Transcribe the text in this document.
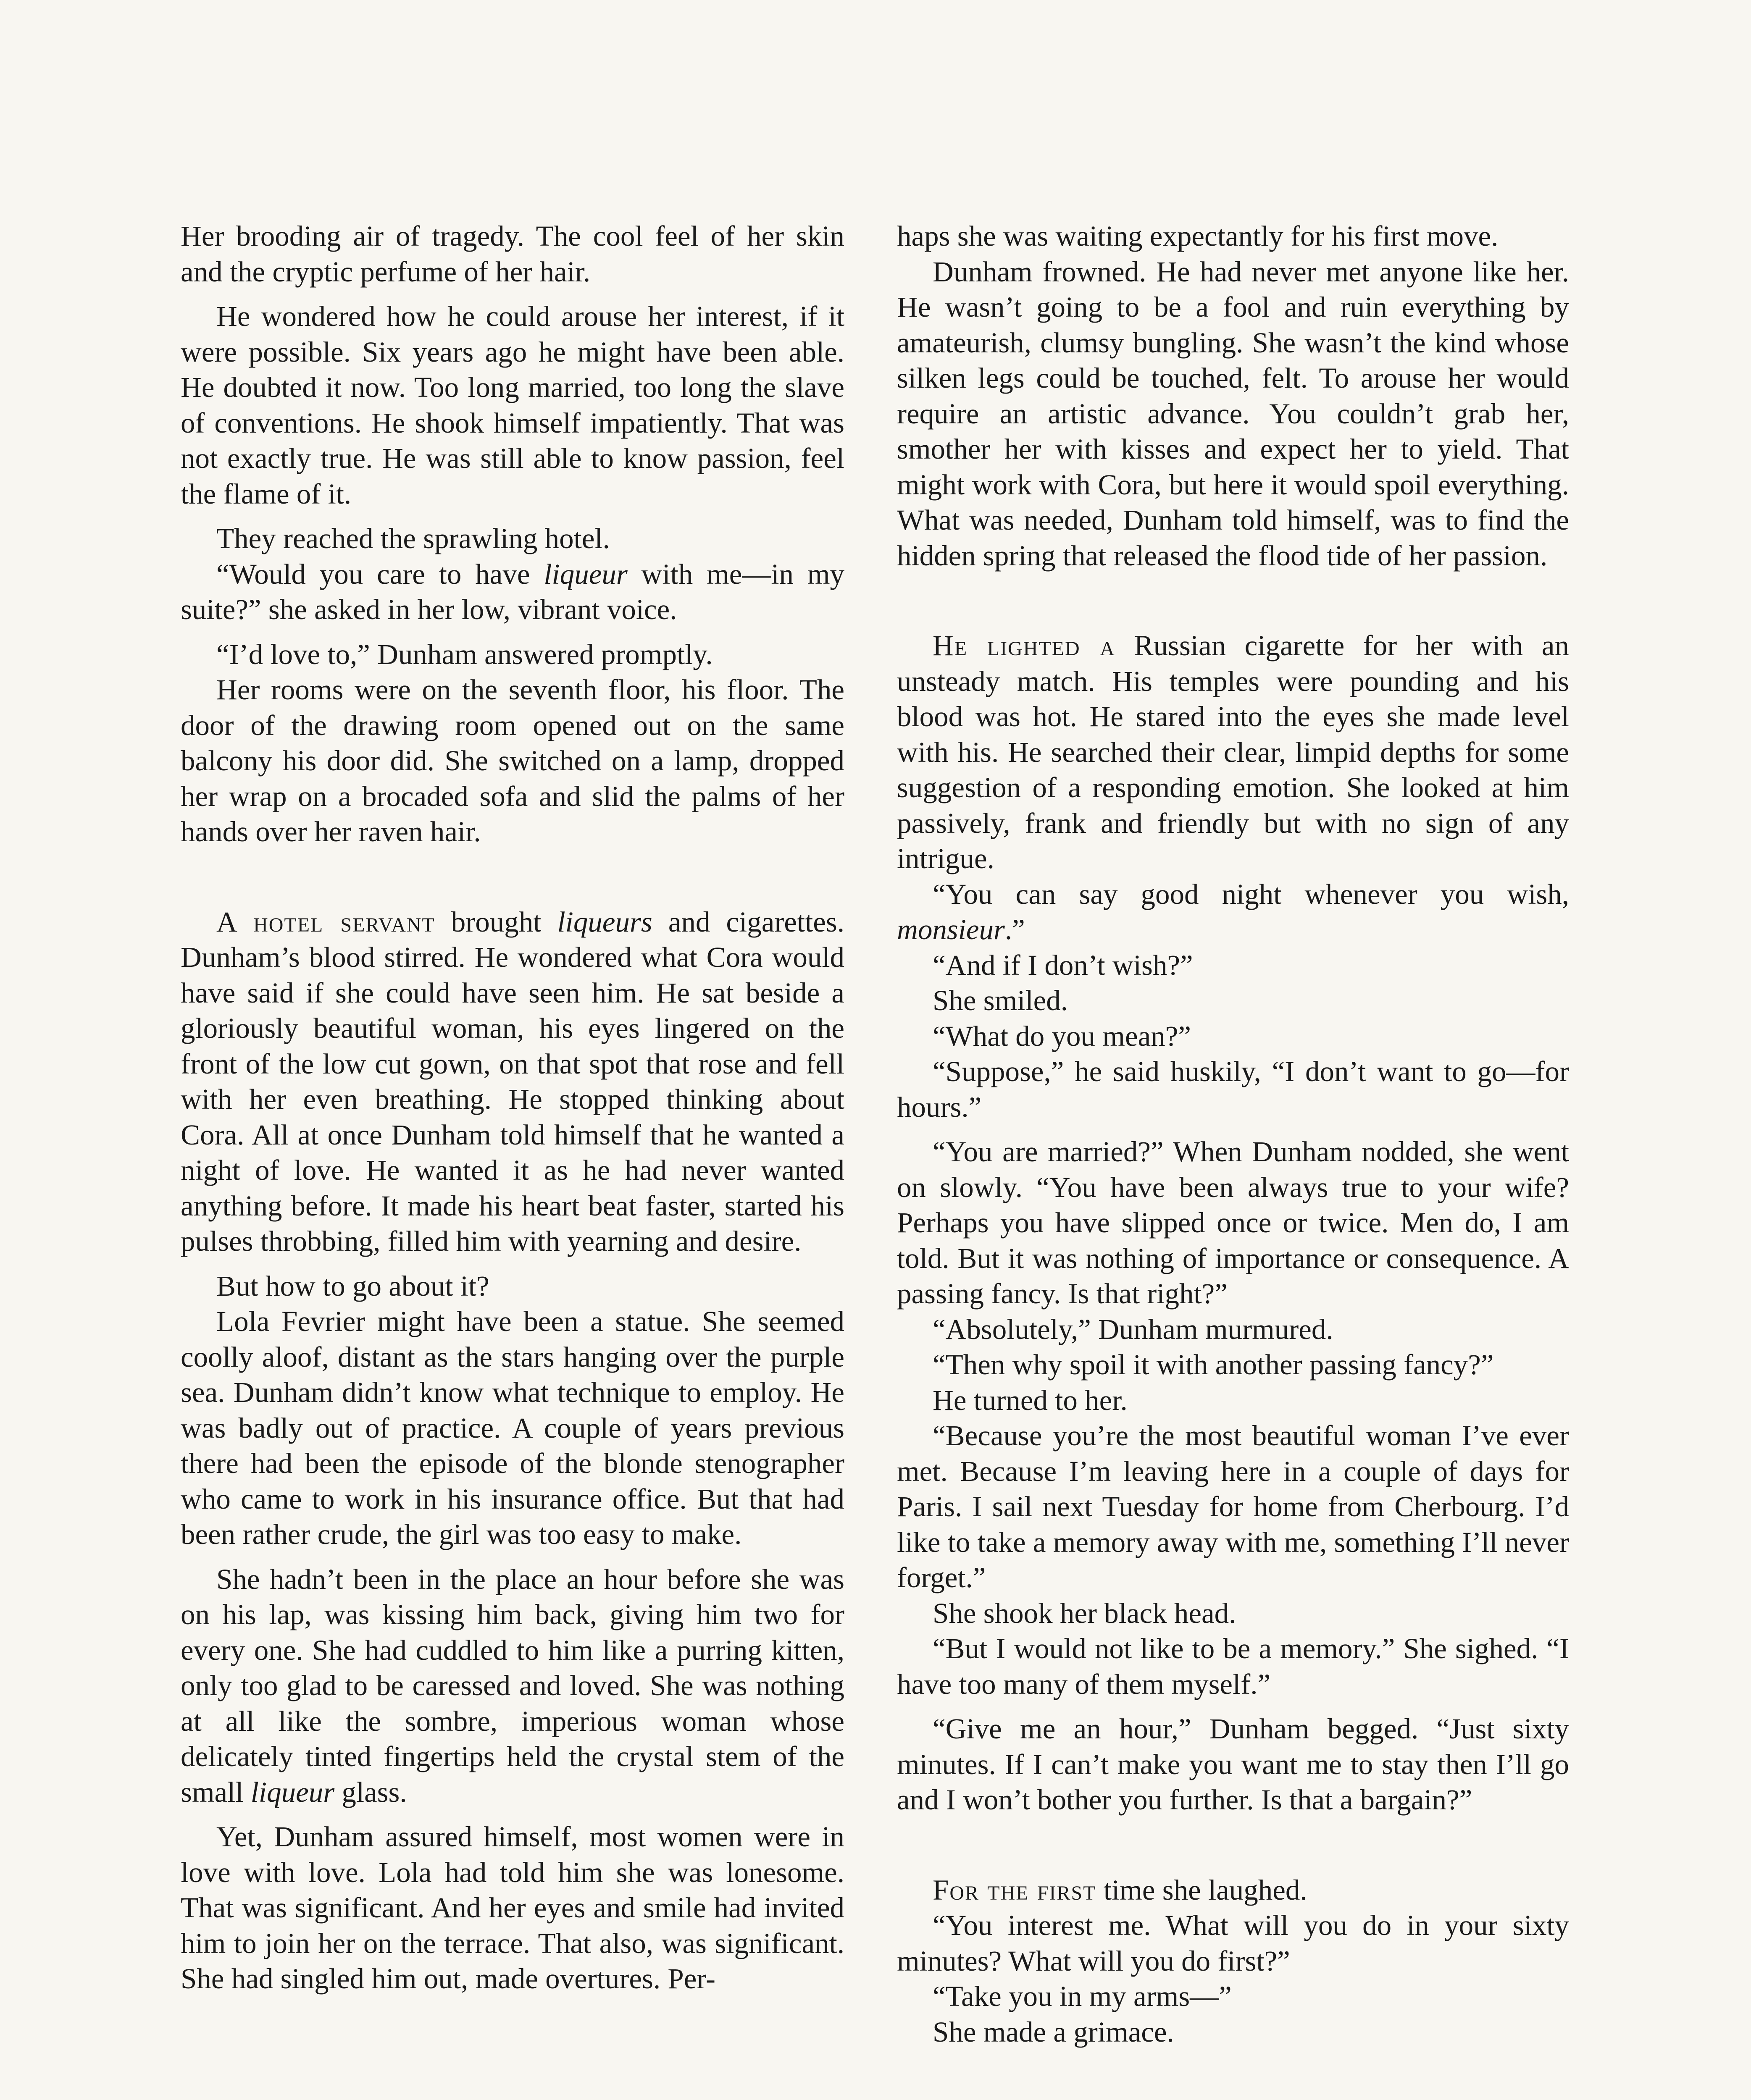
Her brooding air of tragedy. The cool feel of her skin and the cryptic perfume of her hair.

He wondered how he could arouse her interest, if it were possible. Six years ago he might have been able. He doubted it now. Too long married, too long the slave of conventions. He shook himself impatiently. That was not exactly true. He was still able to know passion, feel the flame of it.

They reached the sprawling hotel.

“Would you care to have liqueur with me—in my suite?” she asked in her low, vibrant voice.

“I’d love to,” Dunham answered promptly.

Her rooms were on the seventh floor, his floor. The door of the drawing room opened out on the same balcony his door did. She switched on a lamp, dropped her wrap on a brocaded sofa and slid the palms of her hands over her raven hair.

A hotel servant brought liqueurs and cigarettes. Dunham’s blood stirred. He wondered what Cora would have said if she could have seen him. He sat beside a gloriously beautiful woman, his eyes lingered on the front of the low cut gown, on that spot that rose and fell with her even breathing. He stopped thinking about Cora. All at once Dunham told himself that he wanted a night of love. He wanted it as he had never wanted anything before. It made his heart beat faster, started his pulses throbbing, filled him with yearning and desire.

But how to go about it?

Lola Fevrier might have been a statue. She seemed coolly aloof, distant as the stars hanging over the purple sea. Dunham didn’t know what technique to employ. He was badly out of practice. A couple of years previous there had been the episode of the blonde stenographer who came to work in his insurance office. But that had been rather crude, the girl was too easy to make.

She hadn’t been in the place an hour before she was on his lap, was kissing him back, giving him two for every one. She had cuddled to him like a purring kitten, only too glad to be caressed and loved. She was nothing at all like the sombre, imperious woman whose delicately tinted fingertips held the crystal stem of the small liqueur glass.

Yet, Dunham assured himself, most women were in love with love. Lola had told him she was lonesome. That was significant. And her eyes and smile had invited him to join her on the terrace. That also, was significant. She had singled him out, made overtures. Per-

haps she was waiting expectantly for his first move.

Dunham frowned. He had never met anyone like her. He wasn’t going to be a fool and ruin everything by amateurish, clumsy bungling. She wasn’t the kind whose silken legs could be touched, felt. To arouse her would require an artistic advance. You couldn’t grab her, smother her with kisses and expect her to yield. That might work with Cora, but here it would spoil everything. What was needed, Dunham told himself, was to find the hidden spring that released the flood tide of her passion.

He lighted a Russian cigarette for her with an unsteady match. His temples were pounding and his blood was hot. He stared into the eyes she made level with his. He searched their clear, limpid depths for some suggestion of a responding emotion. She looked at him passively, frank and friendly but with no sign of any intrigue.

“You can say good night whenever you wish, monsieur.”

“And if I don’t wish?”

She smiled.

“What do you mean?”

“Suppose,” he said huskily, “I don’t want to go—for hours.”

“You are married?” When Dunham nodded, she went on slowly. “You have been always true to your wife? Perhaps you have slipped once or twice. Men do, I am told. But it was nothing of importance or consequence. A passing fancy. Is that right?”

“Absolutely,” Dunham murmured.

“Then why spoil it with another passing fancy?”

He turned to her.

“Because you’re the most beautiful woman I’ve ever met. Because I’m leaving here in a couple of days for Paris. I sail next Tuesday for home from Cherbourg. I’d like to take a memory away with me, something I’ll never forget.”

She shook her black head.

“But I would not like to be a memory.” She sighed. “I have too many of them myself.”

“Give me an hour,” Dunham begged. “Just sixty minutes. If I can’t make you want me to stay then I’ll go and I won’t bother you further. Is that a bargain?”

For the first time she laughed.

“You interest me. What will you do in your sixty minutes? What will you do first?”

“Take you in my arms—”

She made a grimace.
